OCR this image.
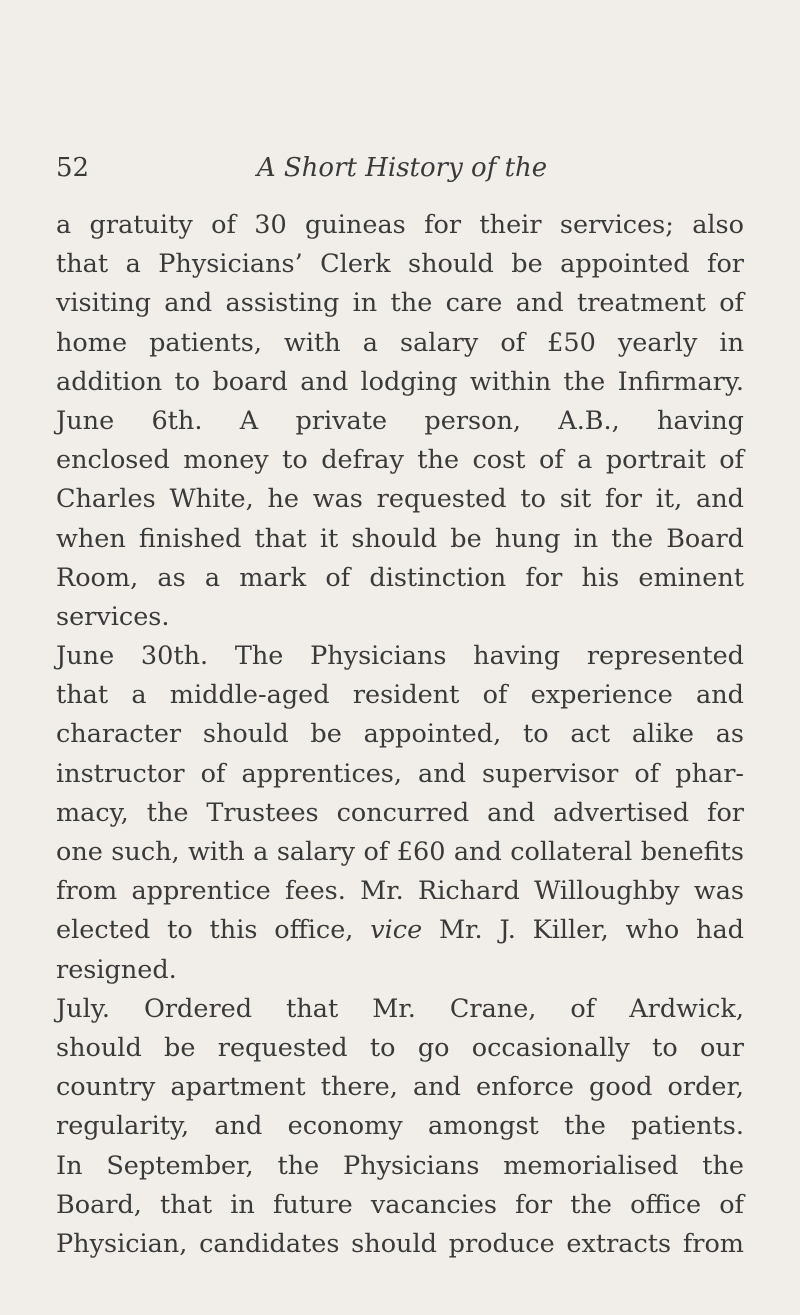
52	A Short History of the
a gratuity of 30 guineas for their services; also
that a Physicians’ Clerk should be appointed for
visiting and assisting in the care and treatment of
home patients, with a salary of £50 yearly in
addition to board and lodging within the Infirmary.
June 6th. A private person, A.B., having
enclosed money to defray the cost of a portrait of
Charles White, he was requested to sit for it, and
when finished that it should be hung in the Board
Room, as a mark of distinction for his eminent
services.
June 30th. The Physicians having represented
that a middle-aged resident of experience and
character should be appointed, to act alike as
instructor of apprentices, and supervisor of phar-
macy, the Trustees concurred and advertised for
one such, with a salary of £60 and collateral benefits
from apprentice fees. Mr. Richard Willoughby was
elected to this office, vice Mr. J. Killer, who had
resigned.
July. Ordered that Mr. Crane, of Ardwick,
should be requested to go occasionally to our
country apartment there, and enforce good order,
regularity, and economy amongst the patients.
In September, the Physicians memorialised the
Board, that in future vacancies for the office of
Physician, candidates should produce extracts from
